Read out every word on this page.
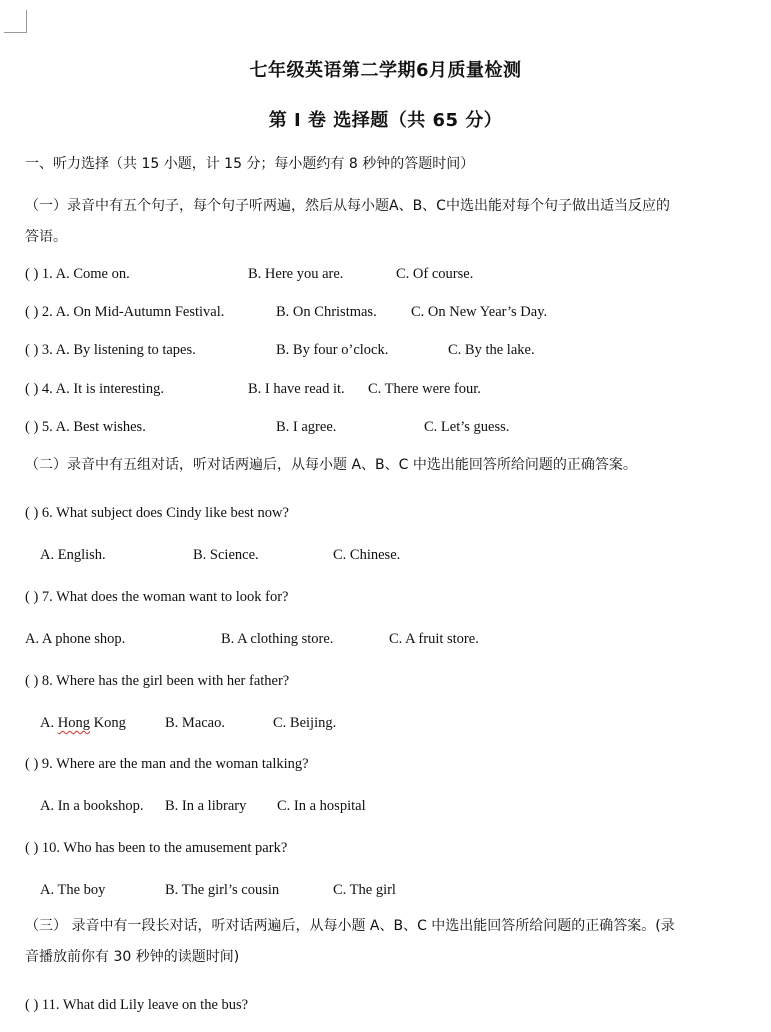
七年级英语第二学期6月质量检测
第 I 卷 选择题（共 65 分）
一、听力选择（共 15 小题，计 15 分；每小题约有 8 秒钟的答题时间）
（一）录音中有五个句子，每个句子听两遍，然后从每小题A、B、C中选出能对每个句子做出适当反应的
答语。
( ) 1. A. Come on.	B. Here you are.	C. Of course.
( ) 2. A. On Mid-Autumn Festival.	B. On Christmas. C. On New Year’s Day.
( ) 3. A. By listening to tapes.	B. By four o’clock.	C. By the lake.
( ) 4. A. It is interesting.	B. I have read it. C. There were four.
( ) 5. A. Best wishes.	B. I agree.	C. Let’s guess.
（二）录音中有五组对话，听对话两遍后，从每小题 A、B、C 中选出能回答所给问题的正确答案。
( ) 6. What subject does Cindy like best now?
A. English.	B. Science.	C. Chinese.
( ) 7. What does the woman want to look for?
A. A phone shop.	B. A clothing store.	C. A fruit store.
( ) 8. Where has the girl been with her father?
A. Hong Kong	B. Macao.	C. Beijing.
( ) 9. Where are the man and the woman talking?
A. In a bookshop. B. In a library C. In a hospital
( ) 10. Who has been to the amusement park?
A. The boy	B. The girl’s cousin	C. The girl
（三） 录音中有一段长对话，听对话两遍后，从每小题 A、B、C 中选出能回答所给问题的正确答案。(录
音播放前你有 30 秒钟的读题时间)
( ) 11. What did Lily leave on the bus?
